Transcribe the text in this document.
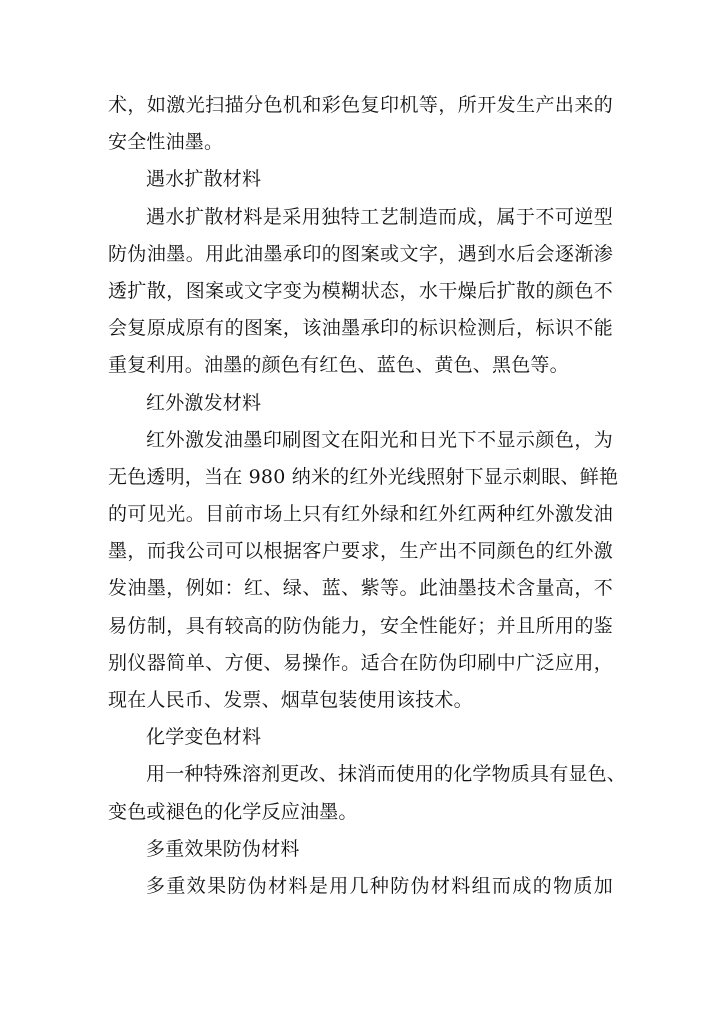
术，如激光扫描分色机和彩色复印机等，所开发生产出来的
安全性油墨。
遇水扩散材料
遇水扩散材料是采用独特工艺制造而成，属于不可逆型
防伪油墨。用此油墨承印的图案或文字，遇到水后会逐渐渗
透扩散，图案或文字变为模糊状态，水干燥后扩散的颜色不
会复原成原有的图案，该油墨承印的标识检测后，标识不能
重复利用。油墨的颜色有红色、蓝色、黄色、黑色等。
红外激发材料
红外激发油墨印刷图文在阳光和日光下不显示颜色，为
无色透明，当在 980 纳米的红外光线照射下显示刺眼、鲜艳
的可见光。目前市场上只有红外绿和红外红两种红外激发油
墨，而我公司可以根据客户要求，生产出不同颜色的红外激
发油墨，例如：红、绿、蓝、紫等。此油墨技术含量高，不
易仿制，具有较高的防伪能力，安全性能好；并且所用的鉴
别仪器简单、方便、易操作。适合在防伪印刷中广泛应用，
现在人民币、发票、烟草包装使用该技术。
化学变色材料
用一种特殊溶剂更改、抹消而使用的化学物质具有显色、
变色或褪色的化学反应油墨。
多重效果防伪材料
多重效果防伪材料是用几种防伪材料组而成的物质加
